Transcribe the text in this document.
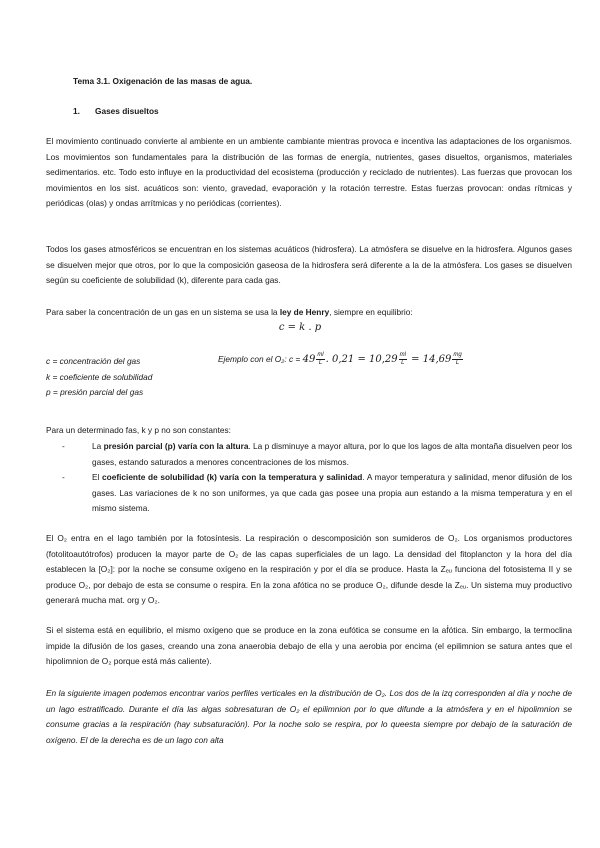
Tema 3.1. Oxigenación de las masas de agua.
1. Gases disueltos

El movimiento continuado convierte al ambiente en un ambiente cambiante mientras provoca e incentiva las adaptaciones de los organismos. Los movimientos son fundamentales para la distribución de las formas de energía, nutrientes, gases disueltos, organismos, materiales sedimentarios. etc. Todo esto influye en la productividad del ecosistema (producción y reciclado de nutrientes). Las fuerzas que provocan los movimientos en los sist. acuáticos son: viento, gravedad, evaporación y la rotación terrestre. Estas fuerzas provocan: ondas rítmicas y periódicas (olas) y ondas arrítmicas y no periódicas (corrientes).

Todos los gases atmosféricos se encuentran en los sistemas acuáticos (hidrosfera). La atmósfera se disuelve en la hidrosfera. Algunos gases se disuelven mejor que otros, por lo que la composición gaseosa de la hidrosfera será diferente a la de la atmósfera. Los gases se disuelven según su coeficiente de solubilidad (k), diferente para cada gas.

Para saber la concentración de un gas en un sistema se usa la ley de Henry, siempre en equilibrio:

c = k . p
c = concentración del gas
k = coeficiente de solubilidad
p = presión parcial del gas
Ejemplo con el O₂: $c = 49 \frac{ml}{L}$ . $0,21 = 10,29 \frac{ml}{L} = 14,69 \frac{mg}{L}$

Para un determinado fas, k y p no son constantes:

-	La presión parcial (p) varía con la altura. La p disminuye a mayor altura, por lo que los lagos de alta montaña disuelven peor los gases, estando saturados a menores concentraciones de los mismos.
-	El coeficiente de solubilidad (k) varía con la temperatura y salinidad. A mayor temperatura y salinidad, menor difusión de los gases. Las variaciones de k no son uniformes, ya que cada gas posee una propia aun estando a la misma temperatura y en el mismo sistema.

El O₂ entra en el lago también por la fotosíntesis. La respiración o descomposición son sumideros de O₂. Los organismos productores (fotolitoautótrofos) producen la mayor parte de O₂ de las capas superficiales de un lago. La densidad del fitoplancton y la hora del día establecen la [O₂]: por la noche se consume oxígeno en la respiración y por el día se produce. Hasta la Zₑᵤ funciona del fotosistema II y se produce O₂, por debajo de esta se consume o respira. En la zona afótica no se produce O₂, difunde desde la Zₑᵤ. Un sistema muy productivo generará mucha mat. org y O₂.

Si el sistema está en equilibrio, el mismo oxígeno que se produce en la zona eufótica se consume en la af́ótica. Sin embargo, la termoclina impide la difusión de los gases, creando una zona anaerobia debajo de ella y una aerobia por encima (el epilimnion se satura antes que el hipolimnion de O₂ porque está más caliente).

En la siguiente imagen podemos encontrar varios perfiles verticales en la distribución de O₂. Los dos de la izq corresponden al día y noche de un lago estratificado. Durante el día las algas sobresaturan de O₂ el epilimnion por lo que difunde a la atmósfera y en el hipolimnion se consume gracias a la respiración (hay subsaturación). Por la noche solo se respira, por lo queesta siempre por debajo de la saturación de oxígeno. El de la derecha es de un lago con alta
